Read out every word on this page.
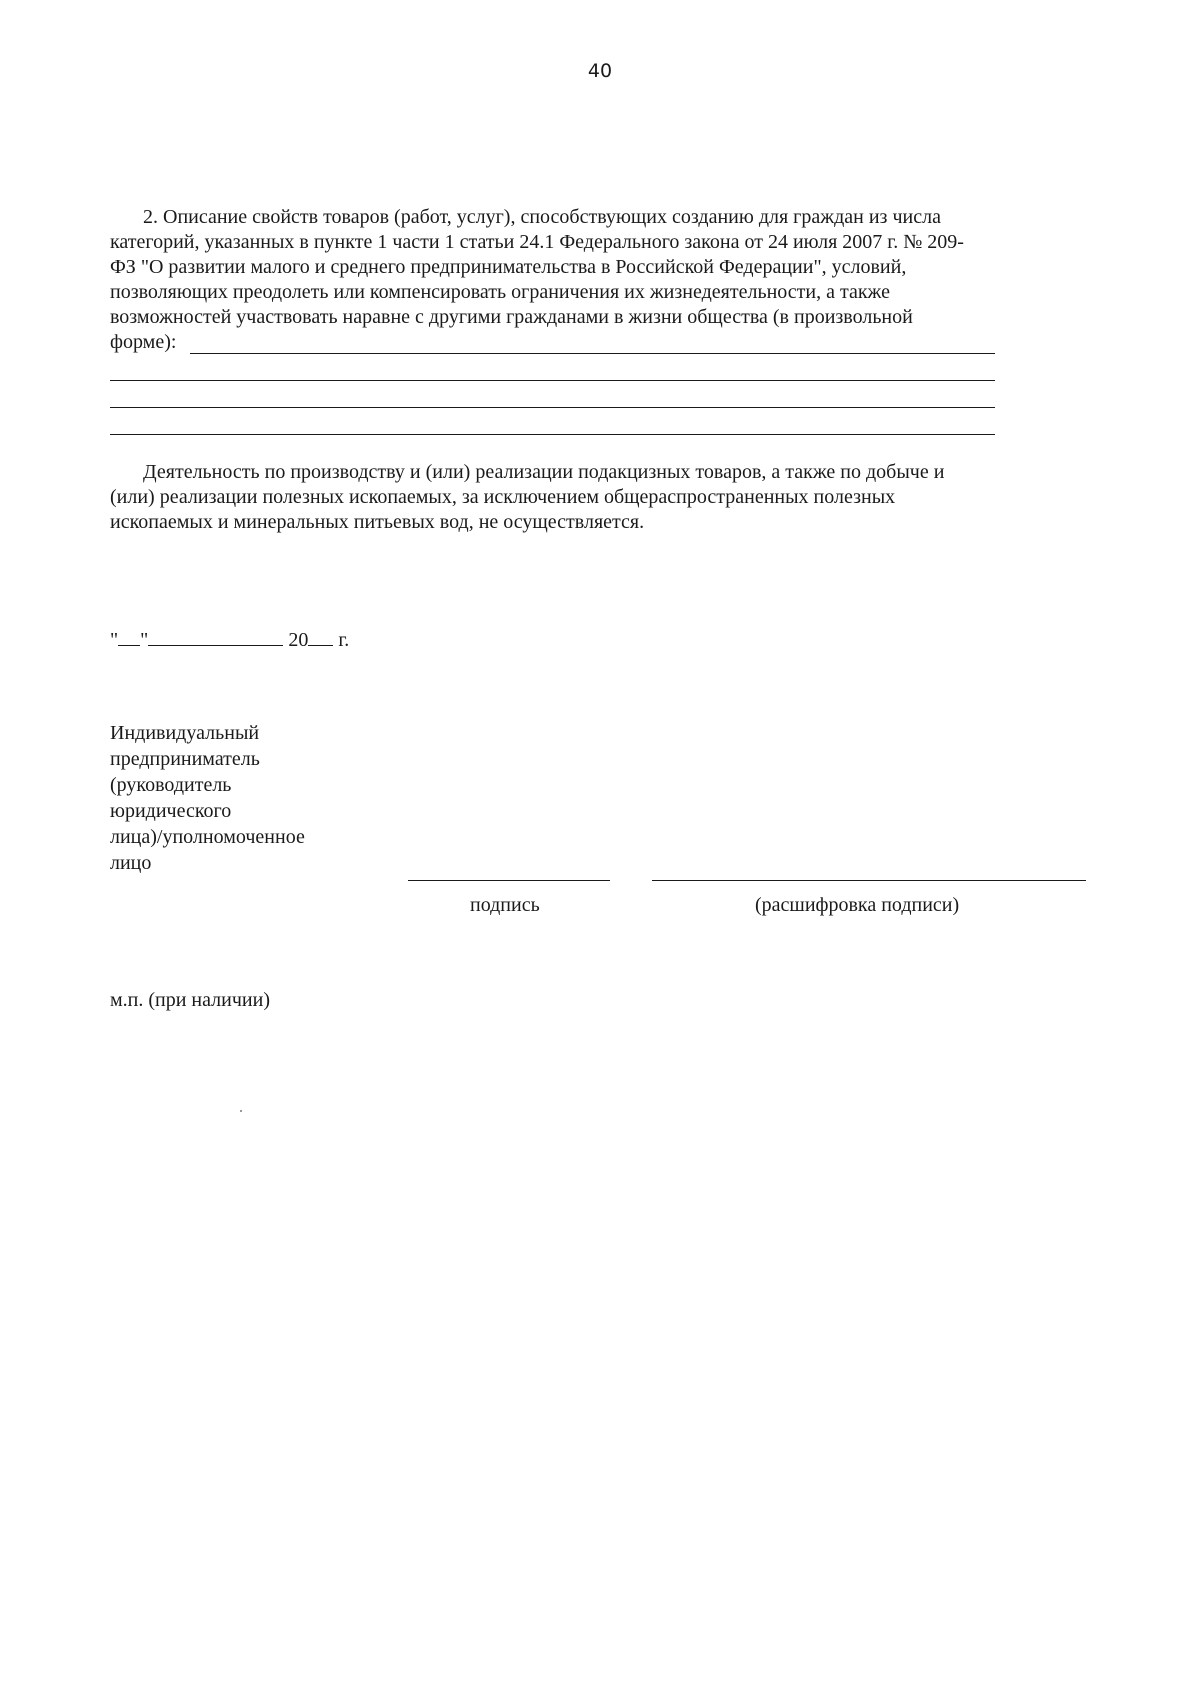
40
2. Описание свойств товаров (работ, услуг), способствующих созданию для граждан из числа
категорий, указанных в пункте 1 части 1 статьи 24.1 Федерального закона от 24 июля 2007 г. № 209-
ФЗ "О развитии малого и среднего предпринимательства в Российской Федерации", условий,
позволяющих преодолеть или компенсировать ограничения их жизнедеятельности, а также
возможностей участвовать наравне с другими гражданами в жизни общества (в произвольной
форме):
Деятельность по производству и (или) реализации подакцизных товаров, а также по добыче и
(или) реализации полезных ископаемых, за исключением общераспространенных полезных
ископаемых и минеральных питьевых вод, не осуществляется.
" "	20 г.
Индивидуальный
предприниматель
(руководитель
юридического
лица)/уполномоченное
лицо
подпись	(расшифровка подписи)
м.п. (при наличии)
